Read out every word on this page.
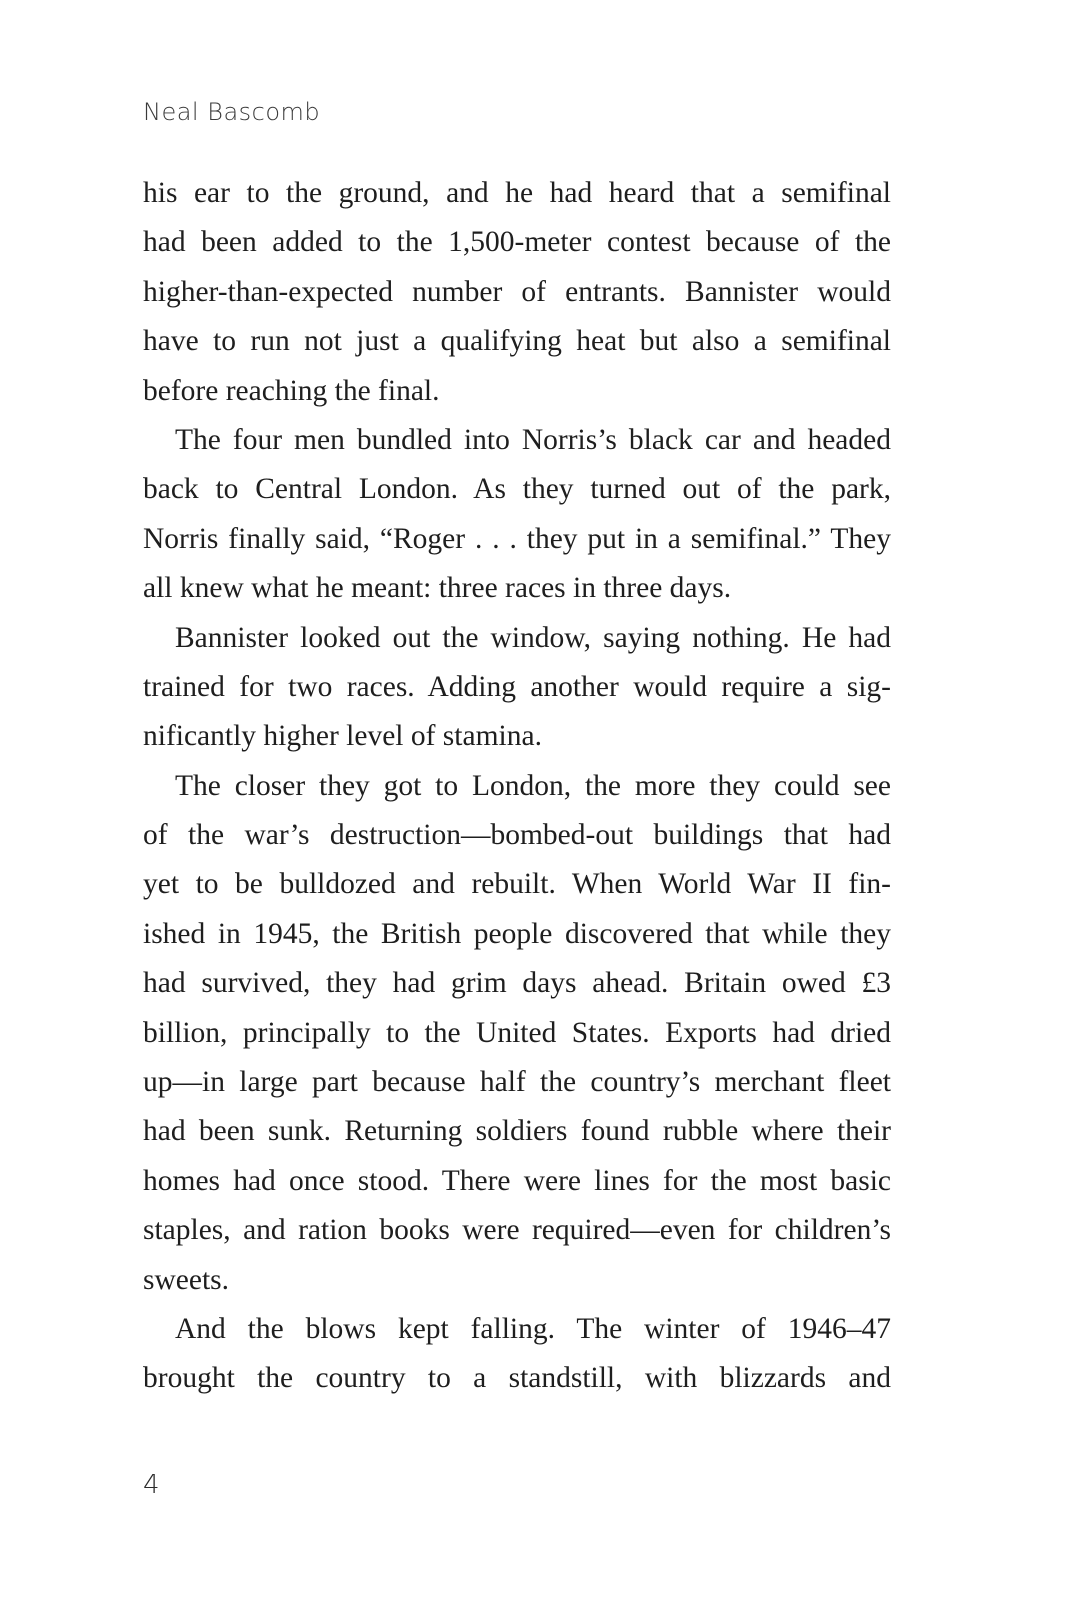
Neal Bascomb

his ear to the ground, and he had heard that a semifinal
had been added to the 1,500-meter contest because of the
higher-than-expected number of entrants. Bannister would
have to run not just a qualifying heat but also a semifinal
before reaching the final.
The four men bundled into Norris’s black car and headed
back to Central London. As they turned out of the park,
Norris finally said, “Roger . . . they put in a semifinal.” They
all knew what he meant: three races in three days.
Bannister looked out the window, saying nothing. He had
trained for two races. Adding another would require a sig-
nificantly higher level of stamina.
The closer they got to London, the more they could see
of the war’s destruction—bombed-out buildings that had
yet to be bulldozed and rebuilt. When World War II fin-
ished in 1945, the British people discovered that while they
had survived, they had grim days ahead. Britain owed £3
billion, principally to the United States. Exports had dried
up—in large part because half the country’s merchant fleet
had been sunk. Returning soldiers found rubble where their
homes had once stood. There were lines for the most basic
staples, and ration books were required—even for children’s
sweets.
And the blows kept falling. The winter of 1946–47
brought the country to a standstill, with blizzards and

4
